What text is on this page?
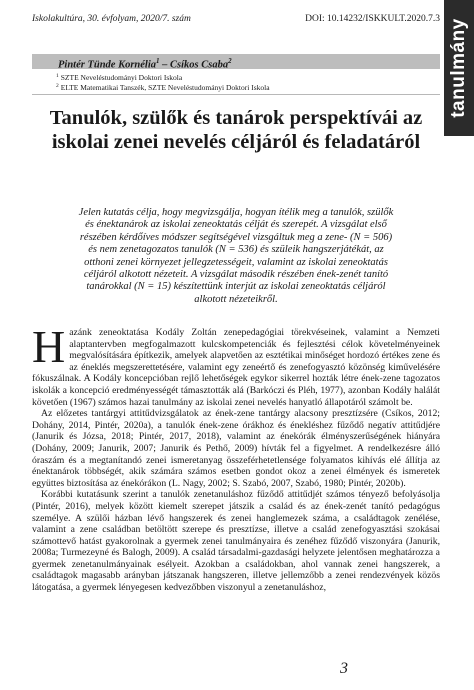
Iskolakultúra, 30. évfolyam, 2020/7. szám	DOI: 10.14232/ISKKULT.2020.7.3 tanulmány
Pintér Tünde Kornélia$^1$ – Csíkos Csaba$^2$
$^1$ SZTE Neveléstudományi Doktori Iskola
$^2$ ELTE Matematikai Tanszék, SZTE Neveléstudományi Doktori Iskola
Tanulók, szülők és tanárok perspektívái az iskolai zenei nevelés céljáról és feladatáról

Jelen kutatás célja, hogy megvizsgálja, hogyan ítélik meg a tanulók, szülők és énektanárok az iskolai zeneoktatás célját és szerepét. A vizsgálat első részében kérdőíves módszer segítségével vizsgáltuk meg a zene- (N = 506) és nem zenetagozatos tanulók (N = 536) és szüleik hangszerjátékát, az otthoni zenei környezet jellegzetességeit, valamint az iskolai zeneoktatás céljáról alkotott nézeteit. A vizsgálat második részében ének-zenét tanító tanárokkal (N = 15) készítettünk interjút az iskolai zeneoktatás céljáról alkotott nézeteikről.

Hazánk zeneoktatása Kodály Zoltán zenepedagógiai törekvéseinek, valamint a Nemzeti alaptantervben megfogalmazott kulcskompetenciák és fejlesztési célok követelményeinek megvalósítására építkezik, amelyek alapvetően az esztétikai minőséget hordozó értékes zene és az éneklés megszerettetésére, valamint egy zeneértő és zenefogyasztó közönség kiművelésére fókuszálnak. A Kodály koncepcióban rejlő lehetőségek egykor sikerrel hozták létre ének-zene tagozatos iskolák a koncepció eredményességét támasztották alá (Barkóczi és Pléh, 1977), azonban Kodály halálát követően (1967) számos hazai tanulmány az iskolai zenei nevelés hanyatló állapotáról számolt be.

Az előzetes tantárgyi attitűdvizsgálatok az ének-zene tantárgy alacsony presztízsére (Csíkos, 2012; Dohány, 2014, Pintér, 2020a), a tanulók ének-zene órákhoz és énekléshez fűződő negatív attitűdjére (Janurik és Józsa, 2018; Pintér, 2017, 2018), valamint az énekórák élményszerűségének hiányára (Dohány, 2009; Janurik, 2007; Janurik és Pethő, 2009) hívták fel a figyelmet. A rendelkezésre álló óraszám és a megtanítandó zenei ismeretanyag összeférhetetlensége folyamatos kihívás elé állítja az énektanárok többségét, akik számára számos esetben gondot okoz a zenei élmények és ismeretek együttes biztosítása az énekórákon (L. Nagy, 2002; S. Szabó, 2007, Szabó, 1980; Pintér, 2020b).

Korábbi kutatásunk szerint a tanulók zenetanuláshoz fűződő attitűdjét számos tényező befolyásolja (Pintér, 2016), melyek között kiemelt szerepet játszik a család és az ének-zenét tanító pedagógus személye. A szülői házban lévő hangszerek és zenei hanglemezek száma, a családtagok zenélése, valamint a zene családban betöltött szerepe és presztízse, illetve a család zenefogyasztási szokásai számottevő hatást gyakorolnak a gyermek zenei tanulmányaira és zenéhez fűződő viszonyára (Janurik, 2008a; Turmezeyné és Balogh, 2009). A család társadalmi-gazdasági helyzete jelentősen meghatározza a gyermek zenetanulmányainak esélyeit. Azokban a családokban, ahol vannak zenei hangszerek, a családtagok magasabb arányban játszanak hangszeren, illetve jellemzőbb a zenei rendezvények közös látogatása, a gyermek lényegesen kedvezőbben viszonyul a zenetanuláshoz,

3
